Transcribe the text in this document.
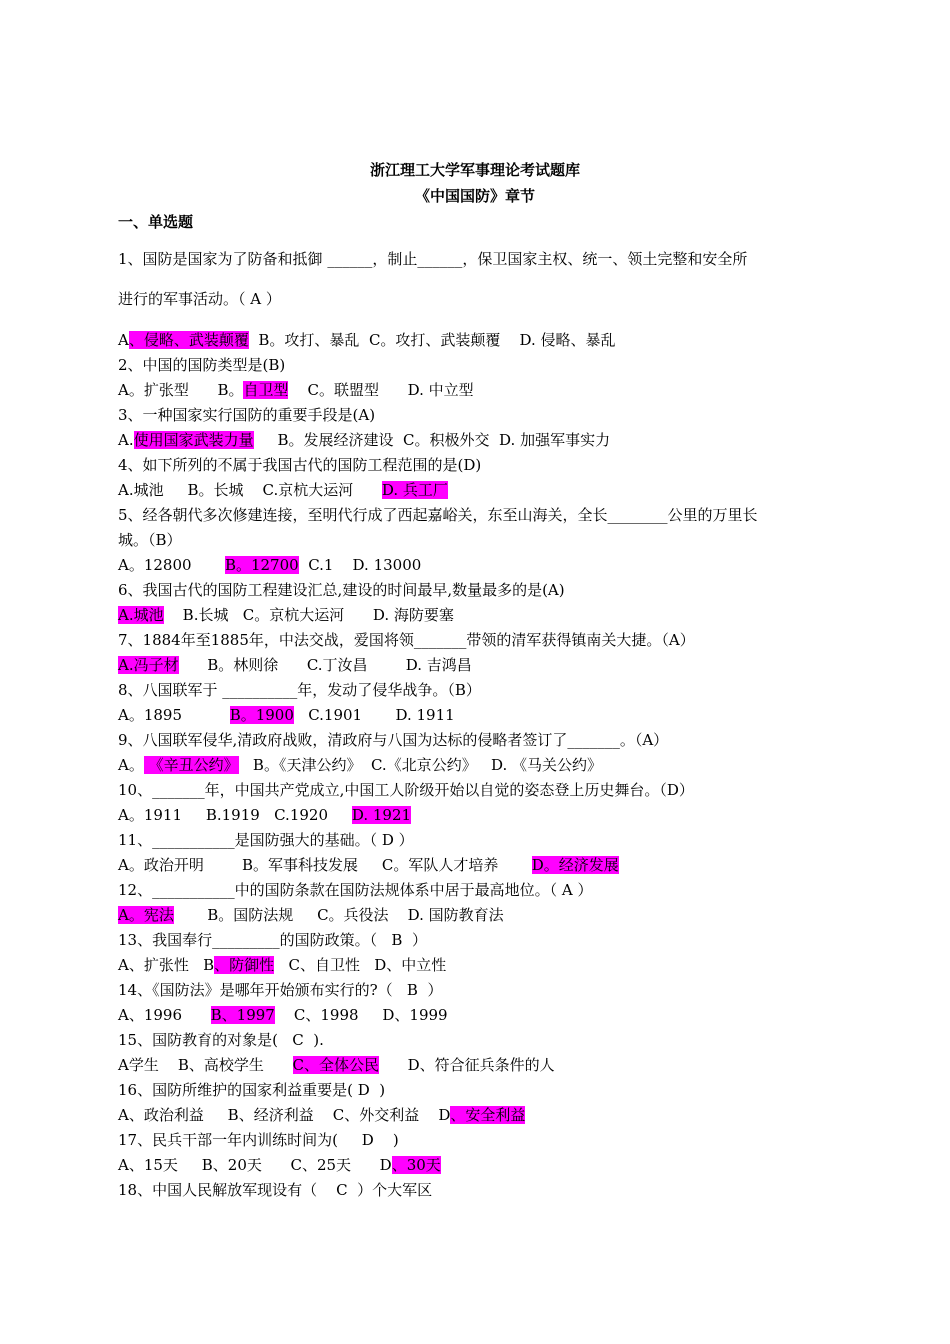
浙江理工大学军事理论考试题库
《中国国防》章节
一、单选题
1、国防是国家为了防备和抵御 ______，制止______，保卫国家主权、统一、领土完整和安全所
进行的军事活动。（ A ）
A、侵略、武装颠覆  B。攻打、暴乱  C。攻打、武装颠覆    D. 侵略、暴乱
2、中国的国防类型是(B)
A。扩张型      B。自卫型    C。联盟型      D. 中立型
3、一种国家实行国防的重要手段是(A)
A.使用国家武装力量     B。发展经济建设  C。积极外交  D. 加强军事实力
4、如下所列的不属于我国古代的国防工程范围的是(D)
A.城池     B。长城    C.京杭大运河      D. 兵工厂
5、经各朝代多次修建连接，至明代行成了西起嘉峪关，东至山海关，全长________公里的万里长
城。（B）
A。12800       B。12700  C.1    D. 13000
6、我国古代的国防工程建设汇总,建设的时间最早,数量最多的是(A)
A.城池    B.长城   C。京杭大运河      D. 海防要塞
7、1884年至1885年，中法交战，爱国将领_______带领的清军获得镇南关大捷。（A）
A.冯子材      B。林则徐      C.丁汝昌        D. 吉鸿昌
8、八国联军于 __________年，发动了侵华战争。（B）
A。1895          B。1900   C.1901       D. 1911
9、八国联军侵华,清政府战败，清政府与八国为达标的侵略者签订了_______。（A）
A。 《辛丑公约》   B。《天津公约》  C.《北京公约》   D. 《马关公约》
10、_______年，中国共产党成立,中国工人阶级开始以自觉的姿态登上历史舞台。（D）
A。1911     B.1919   C.1920     D. 1921
11、___________是国防强大的基础。（ D ）
A。政治开明        B。军事科技发展     C。军队人才培养       D。经济发展
12、___________中的国防条款在国防法规体系中居于最高地位。（ A ）
A。宪法       B。国防法规     C。兵役法    D. 国防教育法
13、我国奉行_________的国防政策。（   B  ）
A、扩张性   B、防御性   C、自卫性   D、中立性
14、《国防法》是哪年开始颁布实行的?（   B  ）
A、1996      B、1997    C、1998     D、1999
15、国防教育的对象是(   C  ).
A学生    B、高校学生      C、全体公民      D、符合征兵条件的人
16、国防所维护的国家利益重要是( D  )
A、政治利益     B、经济利益    C、外交利益    D、安全利益
17、民兵干部一年内训练时间为(     D    )
A、15天     B、20天      C、25天      D、30天
18、中国人民解放军现设有（    C  ）个大军区
